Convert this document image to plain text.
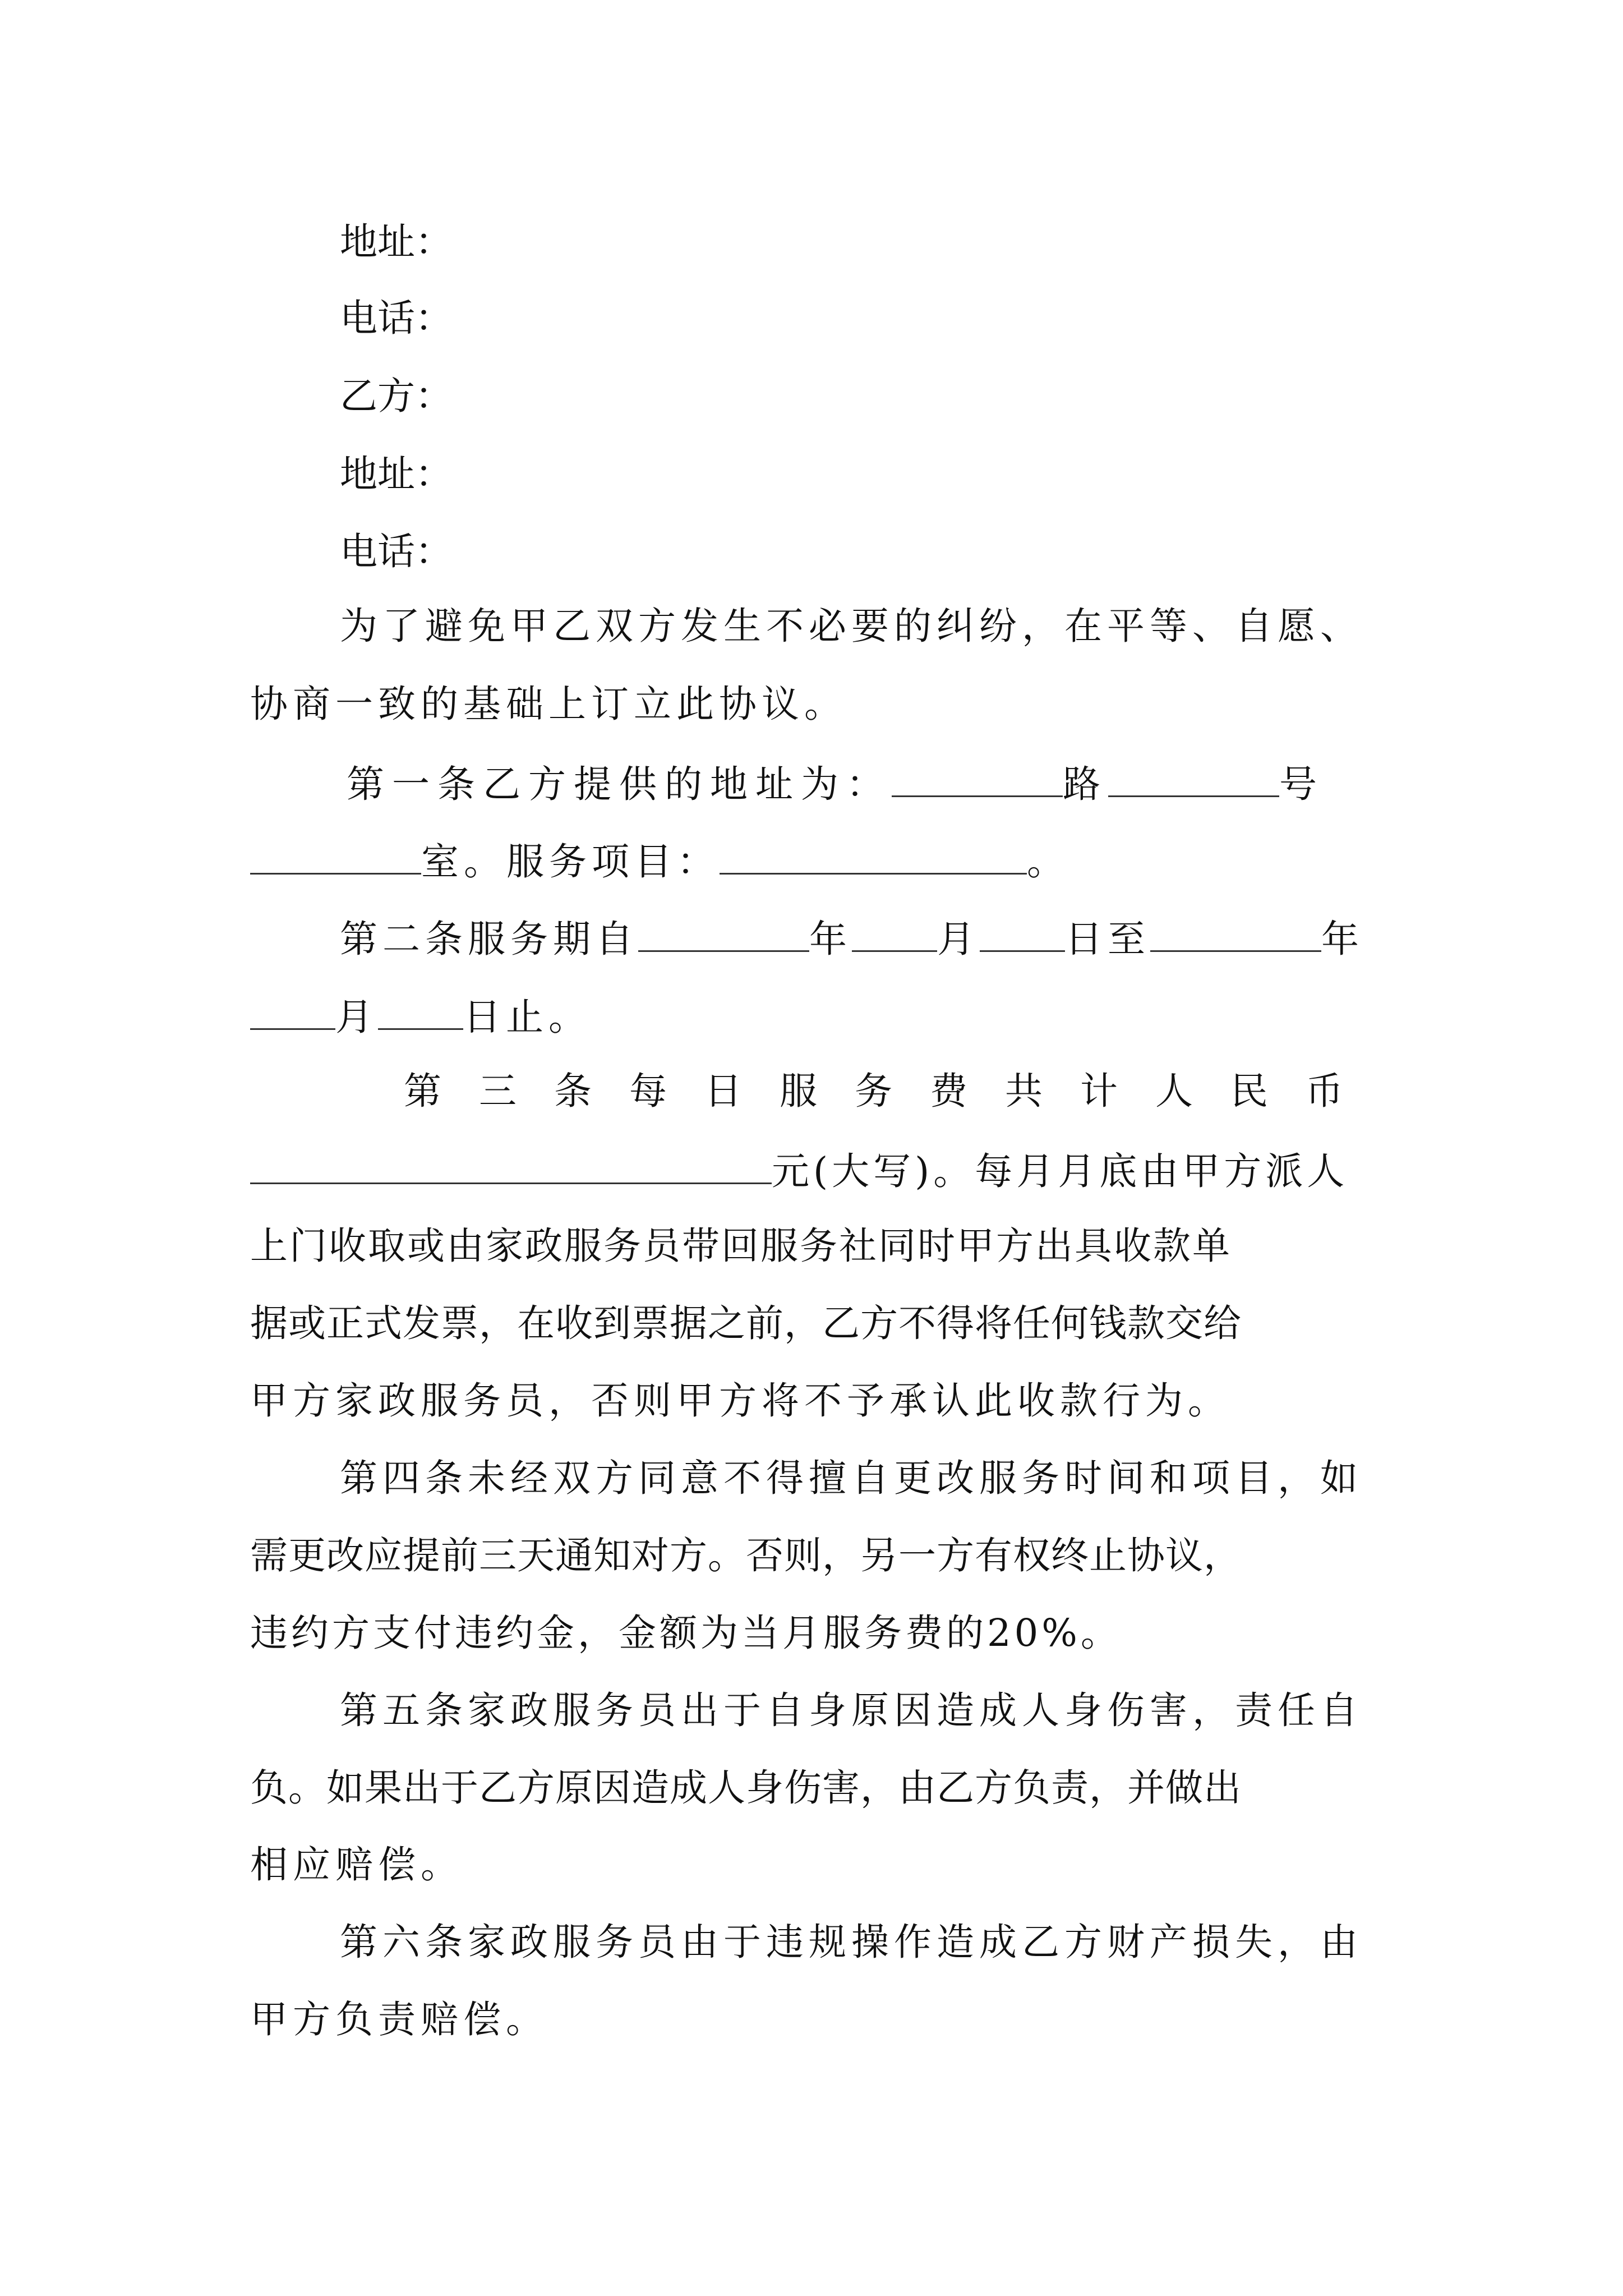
地址：
电话：
乙方：
地址：
电话：
为了避免甲乙双方发生不必要的纠纷，在平等、自愿、
协商一致的基础上订立此协议。
第一条乙方提供的地址为：	路	号
室。服务项目：	。
第二条服务期自	年 月 日至	年
月 日止。
第三条每日服务费共计人民币
元(大写)。每月月底由甲方派人
上门收取或由家政服务员带回服务社同时甲方出具收款单
据或正式发票，在收到票据之前，乙方不得将任何钱款交给
甲方家政服务员，否则甲方将不予承认此收款行为。
第四条未经双方同意不得擅自更改服务时间和项目，如
需更改应提前三天通知对方。否则，另一方有权终止协议，
违约方支付违约金，金额为当月服务费的20%。
第五条家政服务员出于自身原因造成人身伤害，责任自
负。如果出于乙方原因造成人身伤害，由乙方负责，并做出
相应赔偿。
第六条家政服务员由于违规操作造成乙方财产损失，由
甲方负责赔偿。
